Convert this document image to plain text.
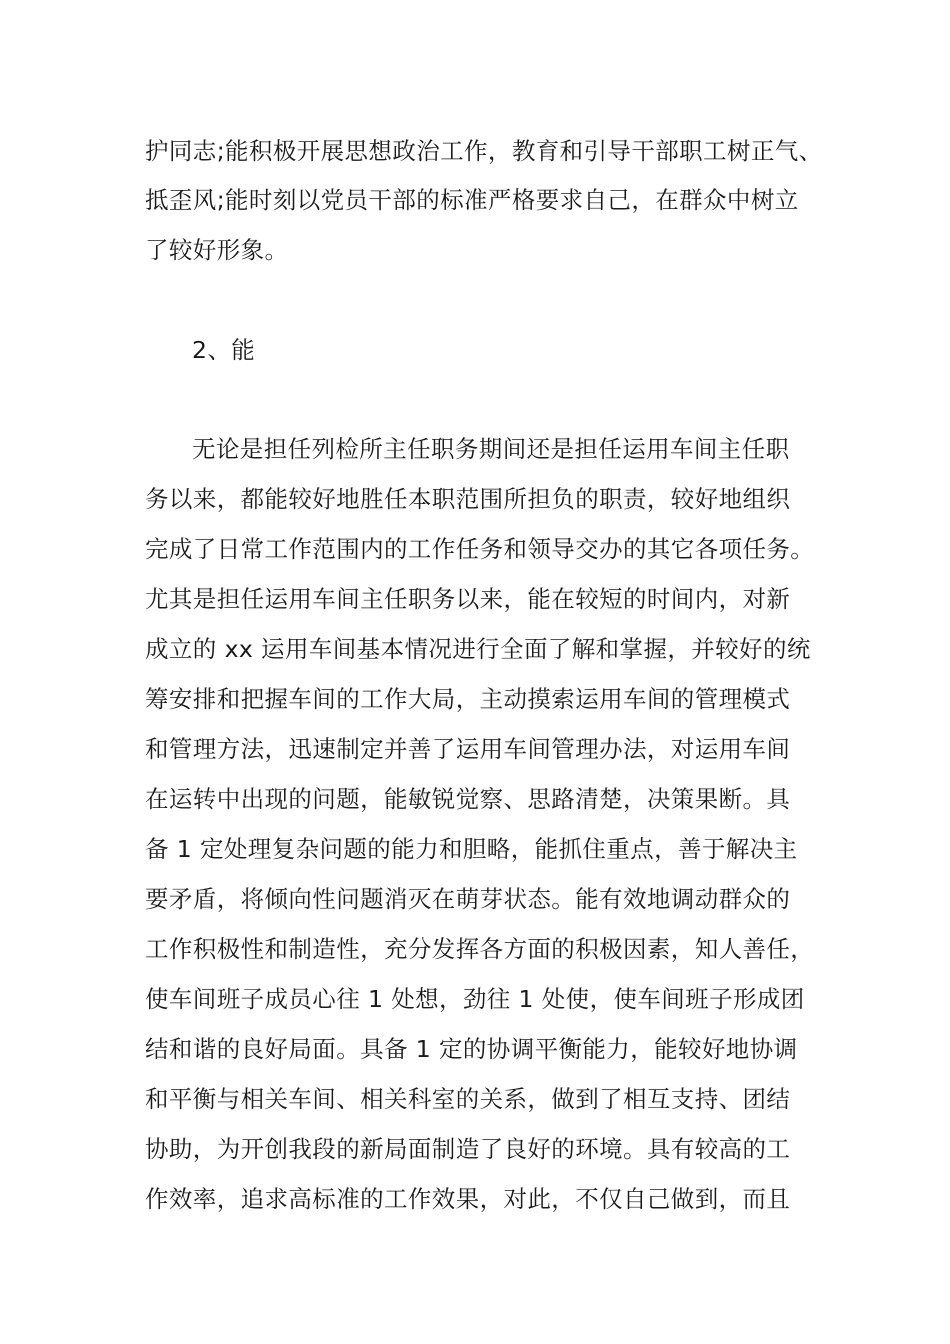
护同志;能积极开展思想政治工作，教育和引导干部职工树正气、
抵歪风;能时刻以党员干部的标准严格要求自己，在群众中树立
了较好形象。
2、能
无论是担任列检所主任职务期间还是担任运用车间主任职
务以来，都能较好地胜任本职范围所担负的职责，较好地组织
完成了日常工作范围内的工作任务和领导交办的其它各项任务。
尤其是担任运用车间主任职务以来，能在较短的时间内，对新
成立的 xx 运用车间基本情况进行全面了解和掌握，并较好的统
筹安排和把握车间的工作大局，主动摸索运用车间的管理模式
和管理方法，迅速制定并善了运用车间管理办法，对运用车间
在运转中出现的问题，能敏锐觉察、思路清楚，决策果断。具
备 1 定处理复杂问题的能力和胆略，能抓住重点，善于解决主
要矛盾，将倾向性问题消灭在萌芽状态。能有效地调动群众的
工作积极性和制造性，充分发挥各方面的积极因素，知人善任，
使车间班子成员心往 1 处想，劲往 1 处使，使车间班子形成团
结和谐的良好局面。具备 1 定的协调平衡能力，能较好地协调
和平衡与相关车间、相关科室的关系，做到了相互支持、团结
协助，为开创我段的新局面制造了良好的环境。具有较高的工
作效率，追求高标准的工作效果，对此，不仅自己做到，而且
